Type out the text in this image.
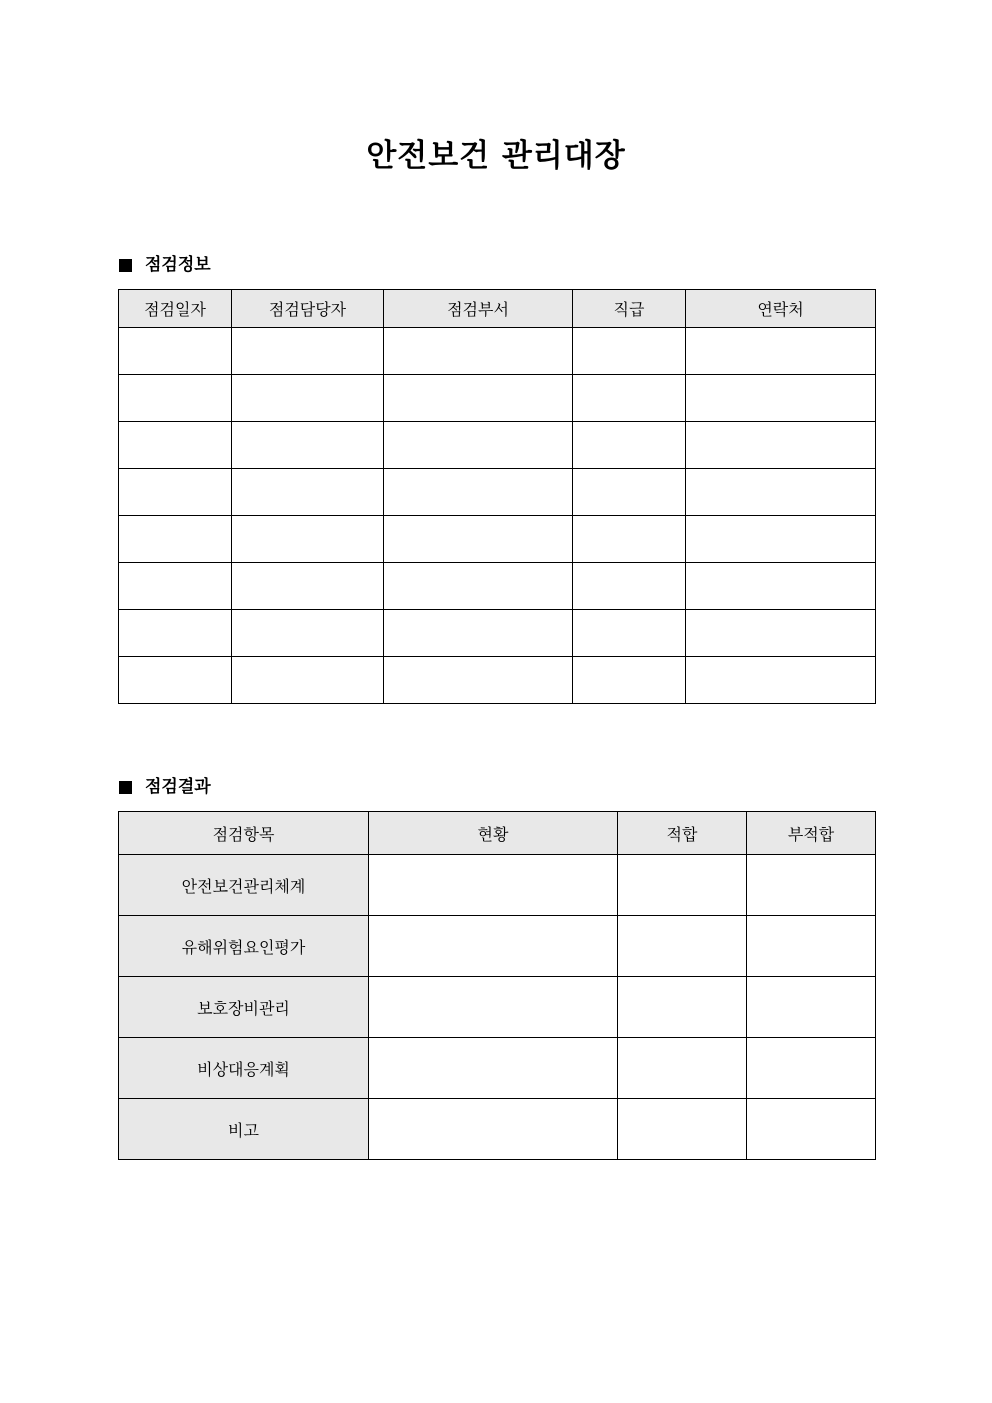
안전보건 관리대장
점검정보
점검일자	점검담당자	점검부서	직급	연락처

점검결과
점검항목	현황	적합	부적합
안전보건관리체계			
유해위험요인평가			
보호장비관리			
비상대응계획			
비고			
